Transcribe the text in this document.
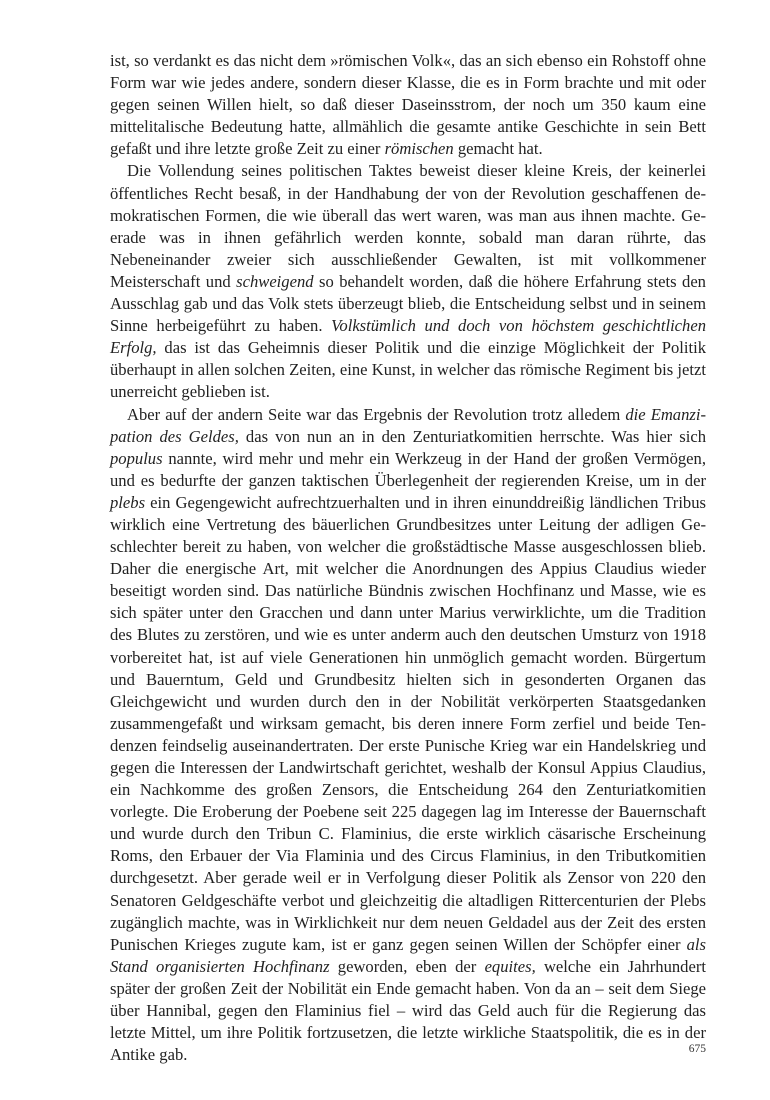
ist, so verdankt es das nicht dem »römischen Volk«, das an sich ebenso ein Rohstoff ohne Form war wie jedes andere, sondern dieser Klasse, die es in Form brachte und mit oder gegen seinen Willen hielt, so daß dieser Daseinsstrom, der noch um 350 kaum eine mittelitalische Bedeutung hatte, allmählich die gesamte antike Geschichte in sein Bett gefaßt und ihre letzte große Zeit zu einer römischen gemacht hat.

Die Vollendung seines politischen Taktes beweist dieser kleine Kreis, der keinerlei öffentliches Recht besaß, in der Handhabung der von der Revolution geschaffenen demokratischen Formen, die wie überall das wert waren, was man aus ihnen machte. Geerade was in ihnen gefährlich werden konnte, sobald man daran rührte, das Nebeneinander zweier sich ausschließender Gewalten, ist mit vollkommener Meisterschaft und schweigend so behandelt worden, daß die höhere Erfahrung stets den Ausschlag gab und das Volk stets überzeugt blieb, die Entscheidung selbst und in seinem Sinne herbeigeführt zu haben. Volkstümlich und doch von höchstem geschichtlichen Erfolg, das ist das Geheimnis dieser Politik und die einzige Möglichkeit der Politik überhaupt in allen solchen Zeiten, eine Kunst, in welcher das römische Regiment bis jetzt unerreicht geblieben ist.

Aber auf der andern Seite war das Ergebnis der Revolution trotz alledem die Emanzipation des Geldes, das von nun an in den Zenturiatkomitien herrschte. Was hier sich populus nannte, wird mehr und mehr ein Werkzeug in der Hand der großen Vermögen, und es bedurfte der ganzen taktischen Überlegenheit der regierenden Kreise, um in der plebs ein Gegengewicht aufrechtzuerhalten und in ihren einunddreißig ländlichen Tribus wirklich eine Vertretung des bäuerlichen Grundbesitzes unter Leitung der adligen Geschlechter bereit zu haben, von welcher die großstädtische Masse ausgeschlossen blieb. Daher die energische Art, mit welcher die Anordnungen des Appius Claudius wieder beseitigt worden sind. Das natürliche Bündnis zwischen Hochfinanz und Masse, wie es sich später unter den Gracchen und dann unter Marius verwirklichte, um die Tradition des Blutes zu zerstören, und wie es unter anderm auch den deutschen Umsturz von 1918 vorbereitet hat, ist auf viele Generationen hin unmöglich gemacht worden. Bürgertum und Bauerntum, Geld und Grundbesitz hielten sich in gesonderten Organen das Gleichgewicht und wurden durch den in der Nobilität verkörperten Staatsgedanken zusammengefaßt und wirksam gemacht, bis deren innere Form zerfiel und beide Tendenzen feindselig auseinandertraten. Der erste Punische Krieg war ein Handelskrieg und gegen die Interessen der Landwirtschaft gerichtet, weshalb der Konsul Appius Claudius, ein Nachkomme des großen Zensors, die Entscheidung 264 den Zenturiatkomitien vorlegte. Die Eroberung der Poebene seit 225 dagegen lag im Interesse der Bauernschaft und wurde durch den Tribun C. Flaminius, die erste wirklich cäsarische Erscheinung Roms, den Erbauer der Via Flaminia und des Circus Flaminius, in den Tributkomitien durchgesetzt. Aber gerade weil er in Verfolgung dieser Politik als Zensor von 220 den Senatoren Geldgeschäfte verbot und gleichzeitig die altadligen Rittercenturien der Plebs zugänglich machte, was in Wirklichkeit nur dem neuen Geldadel aus der Zeit des ersten Punischen Krieges zugute kam, ist er ganz gegen seinen Willen der Schöpfer einer als Stand organisierten Hochfinanz geworden, eben der equites, welche ein Jahrhundert später der großen Zeit der Nobilität ein Ende gemacht haben. Von da an – seit dem Siege über Hannibal, gegen den Flaminius fiel – wird das Geld auch für die Regierung das letzte Mittel, um ihre Politik fortzusetzen, die letzte wirkliche Staatspolitik, die es in der Antike gab.	675
